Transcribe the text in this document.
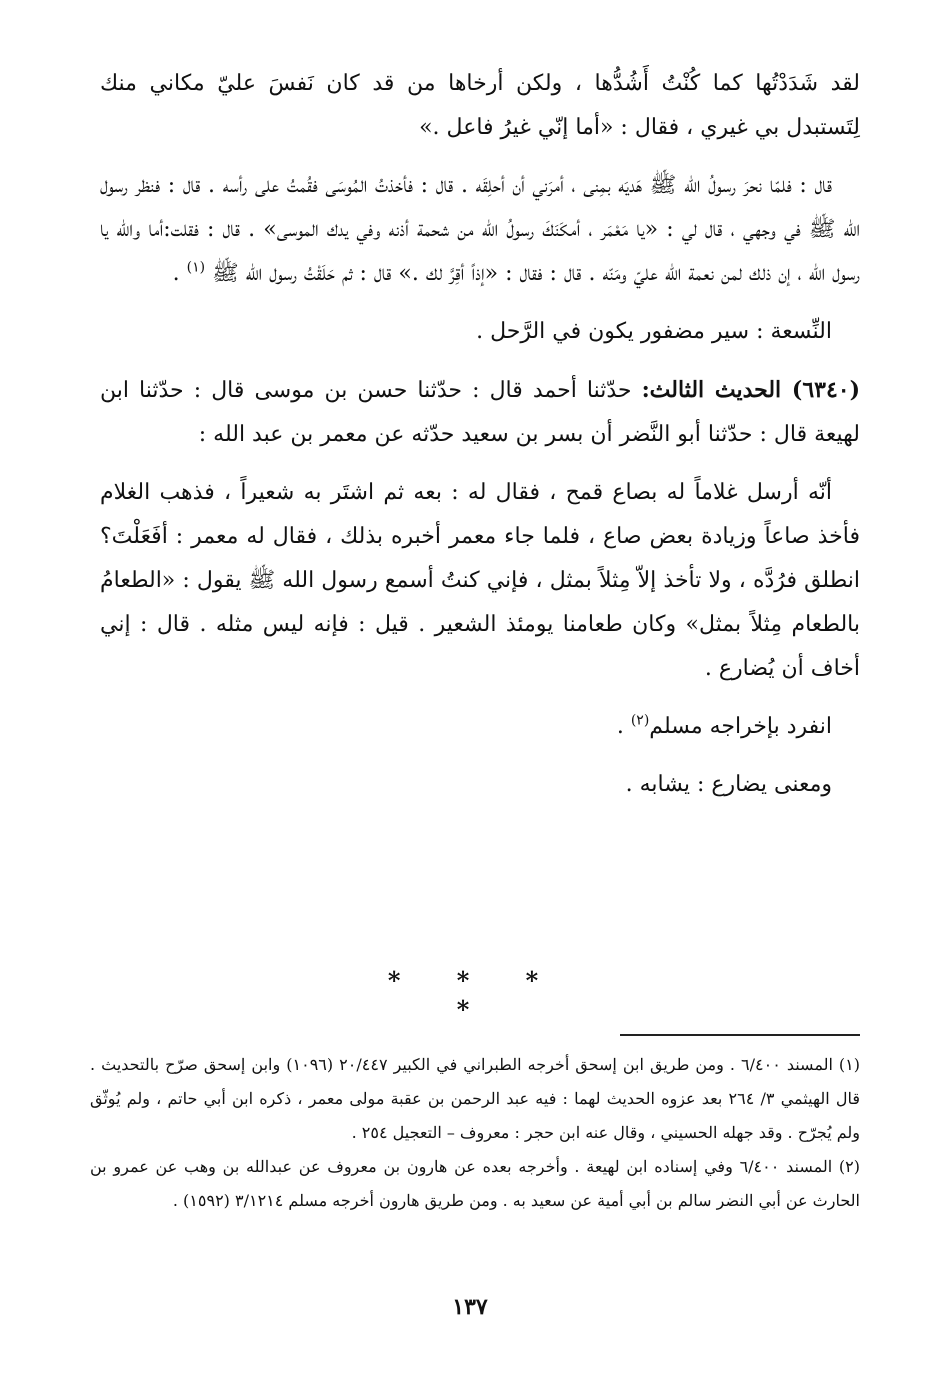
لقد شَدَدْتُها كما كُنْتُ أَشُدُّها ، ولكن أرخاها من قد كان نَفسَ عليّ مكاني منك لِتَستبدل بي غيري ، فقال : «أما إنّي غيرُ فاعل .»

قال : فلمّا نحرَ رسولُ الله ﷺ هَديَه بمِنى ، أمرَني أن أحلِقَه . قال : فأخذتُ المُوسَى فقُمتُ على رأسه . قال : فنظر رسول الله ﷺ في وجهي ، قال لي : «يا مَعْمَر ، أمكَنَكَ رسولُ الله من شحمة أذنه وفي يدك الموسى» . قال : فقلت:أما والله يا رسول الله ، إن ذلك لمن نعمة الله عليّ ومَنّه . قال : فقال : «إذاً أقِرَّ لك .» قال : ثم حَلَقْتُ رسول الله ﷺ $^{(١)}$ .

النِّسعة : سير مضفور يكون في الرَّحل .

(٦٣٤٠) الحديث الثالث: حدّثنا أحمد قال : حدّثنا حسن بن موسى قال : حدّثنا ابن لهيعة قال : حدّثنا أبو النَّضر أن بسر بن سعيد حدّثه عن معمر بن عبد الله :

أنّه أرسل غلاماً له بصاع قمح ، فقال له : بعه ثم اشتَر به شعيراً ، فذهب الغلام فأخذ صاعاً وزيادة بعض صاع ، فلما جاء معمر أخبره بذلك ، فقال له معمر : أفَعَلْتَ؟ انطلق فرُدَّه ، ولا تأخذ إلاّ مِثلاً بمثل ، فإني كنتُ أسمع رسول الله ﷺ يقول : «الطعامُ بالطعام مِثلاً بمثل» وكان طعامنا يومئذ الشعير . قيل : فإنه ليس مثله . قال : إني أخاف أن يُضارع .

انفرد بإخراجه مسلم$^{(٢)}$ .

ومعنى يضارع : يشابه .

* * * *

(١) المسند ٦/٤٠٠ . ومن طريق ابن إسحق أخرجه الطبراني في الكبير ٢٠/٤٤٧ (١٠٩٦) وابن إسحق صرّح بالتحديث . قال الهيثمي ٣/ ٢٦٤ بعد عزوه الحديث لهما : فيه عبد الرحمن بن عقبة مولى معمر ، ذكره ابن أبي حاتم ، ولم يُوثّق ولم يُجرّح . وقد جهله الحسيني ، وقال عنه ابن حجر : معروف – التعجيل ٢٥٤ .

(٢) المسند ٦/٤٠٠ وفي إسناده ابن لهيعة . وأخرجه بعده عن هارون بن معروف عن عبدالله بن وهب عن عمرو بن الحارث عن أبي النضر سالم بن أبي أمية عن سعيد به . ومن طريق هارون أخرجه مسلم ٣/١٢١٤ (١٥٩٢) .

١٣٧
